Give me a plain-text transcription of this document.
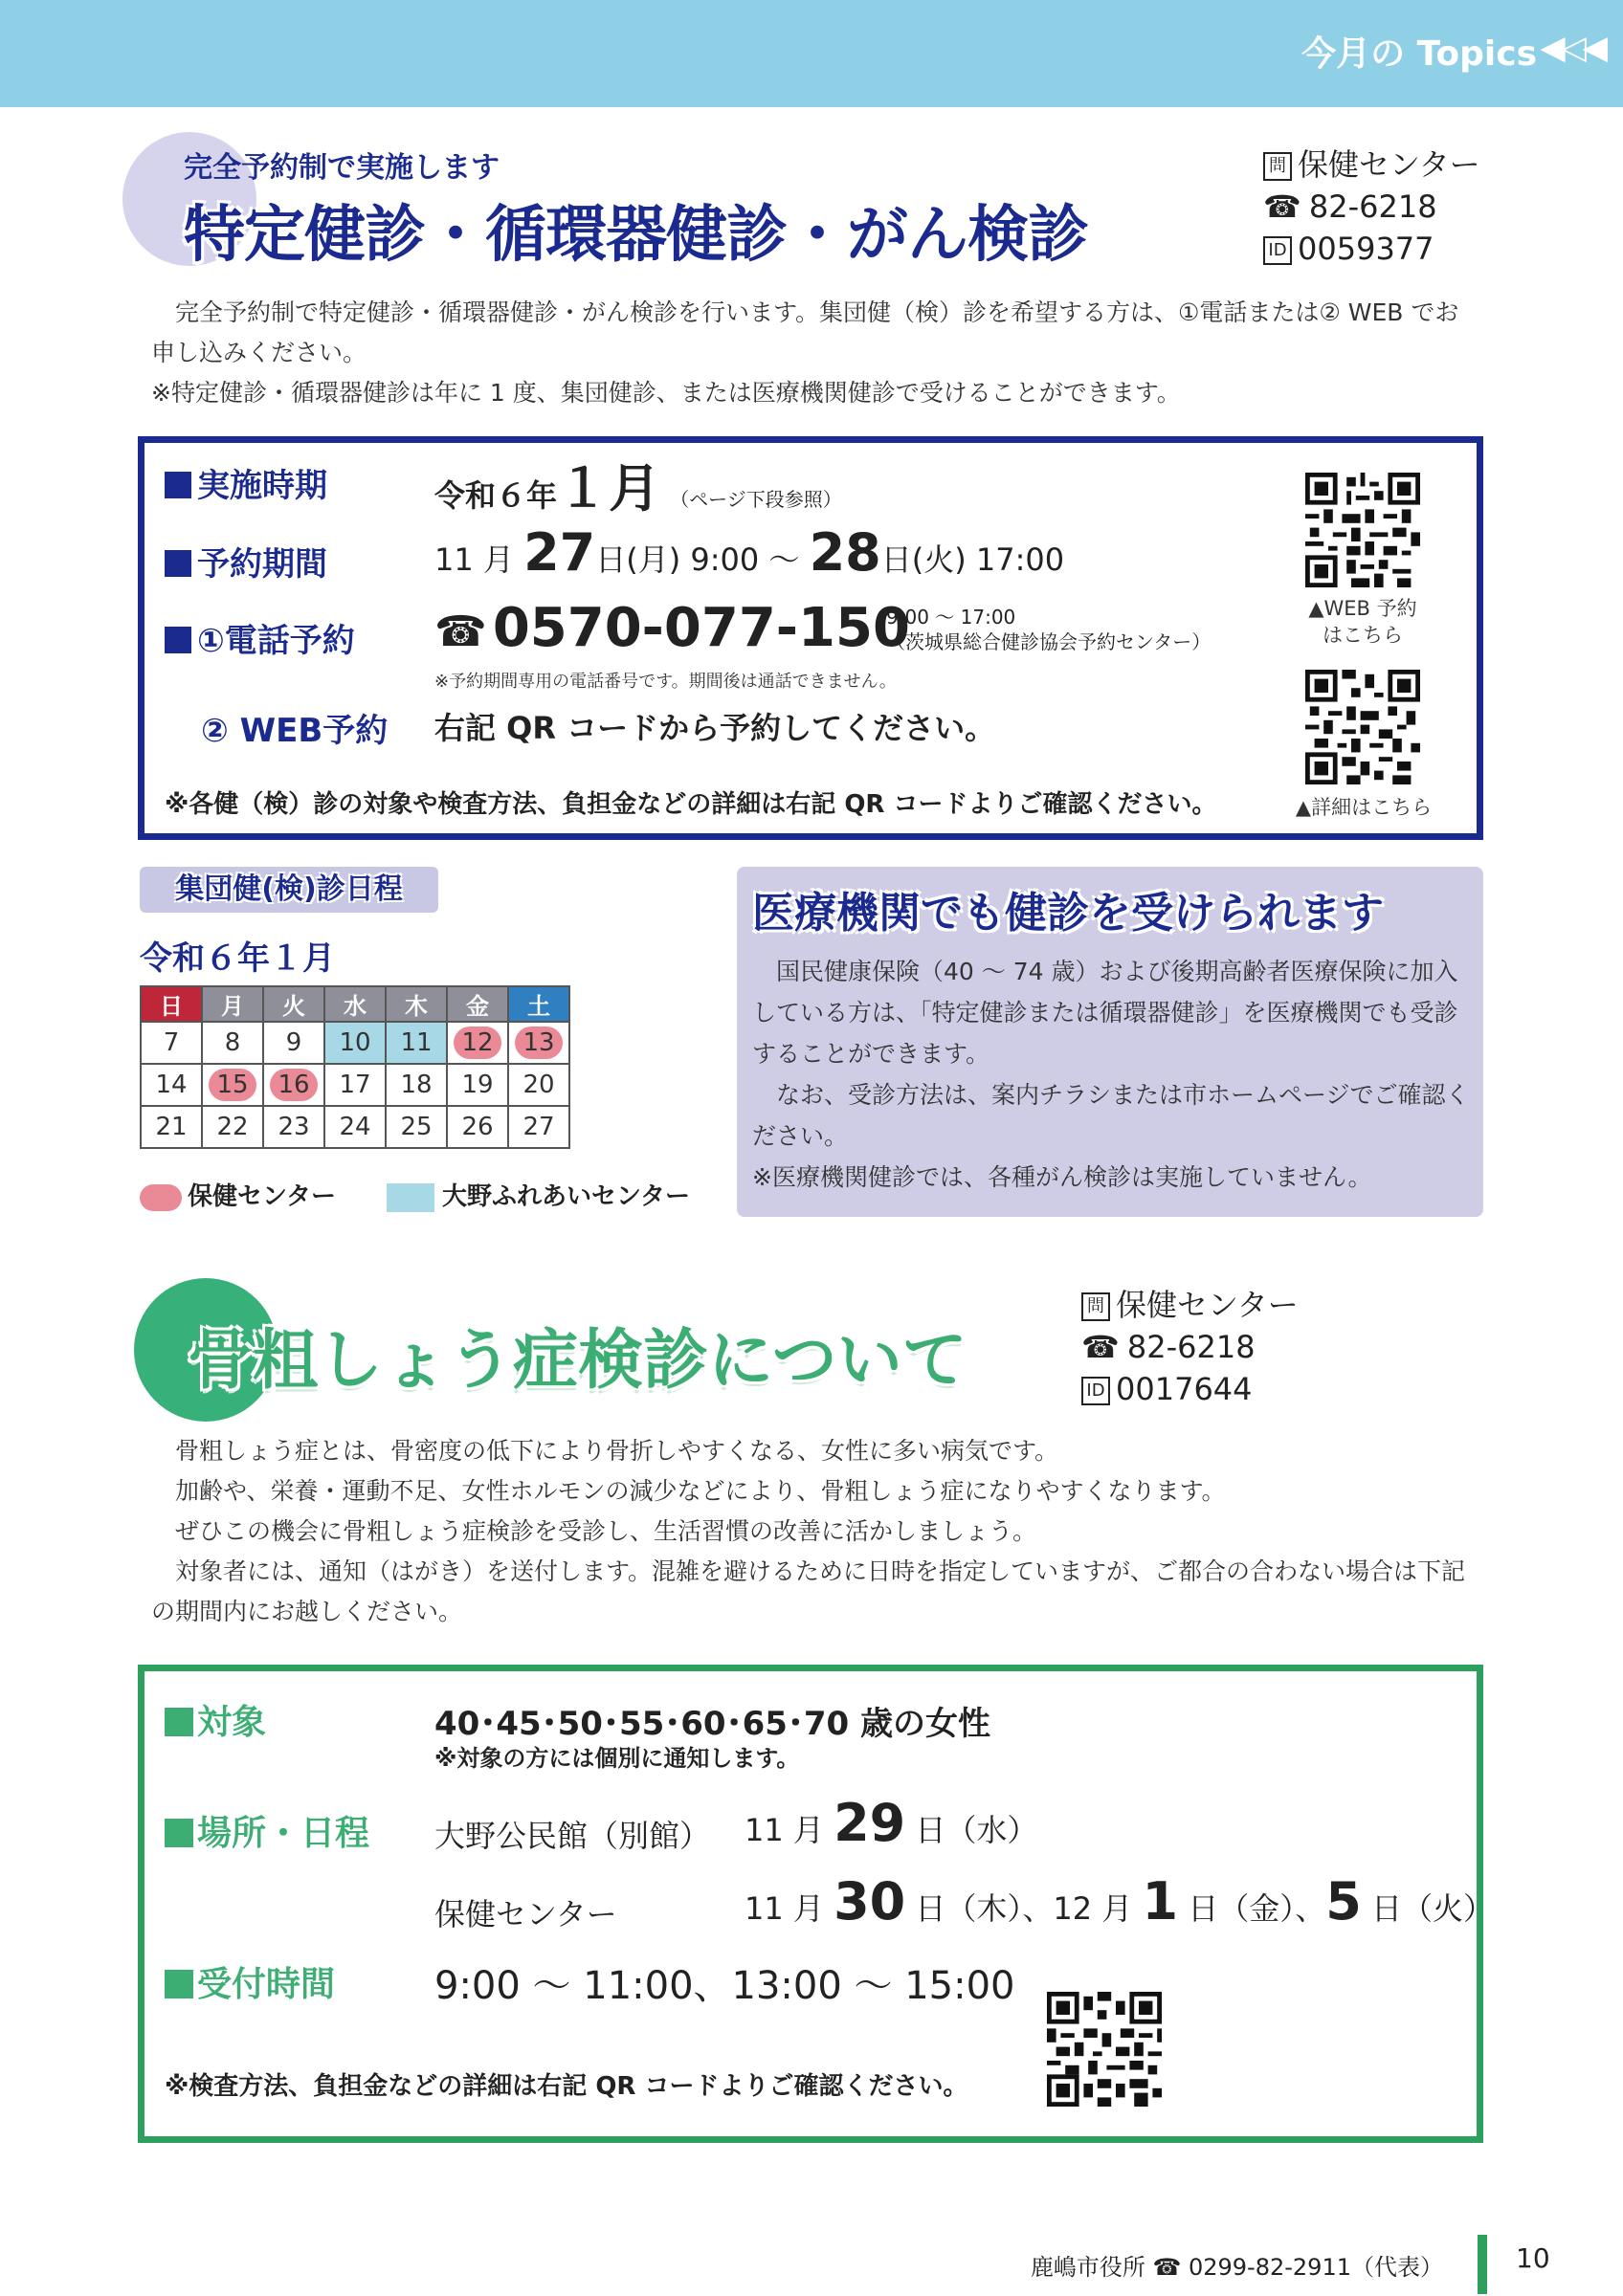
今月の Topics ◀◁◀
完全予約制で実施します
特定健診・循環器健診・がん検診
問 保健センター
☎ 82-6218
ID 0059377

完全予約制で特定健診・循環器健診・がん検診を行います。集団健（検）診を希望する方は、①電話または② WEB でお申し込みください。

※特定健診・循環器健診は年に 1 度、集団健診、または医療機関健診で受けることができます。
実施時期	令和６年１月 （ページ下段参照）
予約期間	11 月 27日(月) 9:00 ～ 28日(火) 17:00
①電話予約 ☎ 0570-077-150
9:00 ～ 17:00
（茨城県総合健診協会予約センター）
※予約期間専用の電話番号です。期間後は通話できません。
② WEB予約 右記 QR コードから予約してください。
※各健（検）診の対象や検査方法、負担金などの詳細は右記 QR コードよりご確認ください。
▲WEB 予約
はこちら
▲詳細はこちら
集団健(検)診日程
令和６年１月
日	月	火	水	木	金	土
7	8	9	10	11	12	13
14	15	16	17	18	19	20
21	22	23	24	25	26	27
保健センター	大野ふれあいセンター
医療機関でも健診を受けられます

国民健康保険（40 ～ 74 歳）および後期高齢者医療保険に加入している方は、「特定健診または循環器健診」を医療機関でも受診することができます。

なお、受診方法は、案内チラシまたは市ホームページでご確認ください。

※医療機関健診では、各種がん検診は実施していません。

骨粗しょう症検診について
問 保健センター
☎ 82-6218
ID 0017644

骨粗しょう症とは、骨密度の低下により骨折しやすくなる、女性に多い病気です。

加齢や、栄養・運動不足、女性ホルモンの減少などにより、骨粗しょう症になりやすくなります。

ぜひこの機会に骨粗しょう症検診を受診し、生活習慣の改善に活かしましょう。

対象者には、通知（はがき）を送付します。混雑を避けるために日時を指定していますが、ご都合の合わない場合は下記の期間内にお越しください。

対象	40･45･50･55･60･65･70 歳の女性
※対象の方には個別に通知します。
場所・日程 大野公民館（別館） 11 月 29 日（水）
保健センター	11 月 30 日（木）、12 月 1 日（金）、5 日（火）
受付時間	9:00 ～ 11:00、13:00 ～ 15:00
※検査方法、負担金などの詳細は右記 QR コードよりご確認ください。
鹿嶋市役所 ☎ 0299-82-2911（代表）	10
